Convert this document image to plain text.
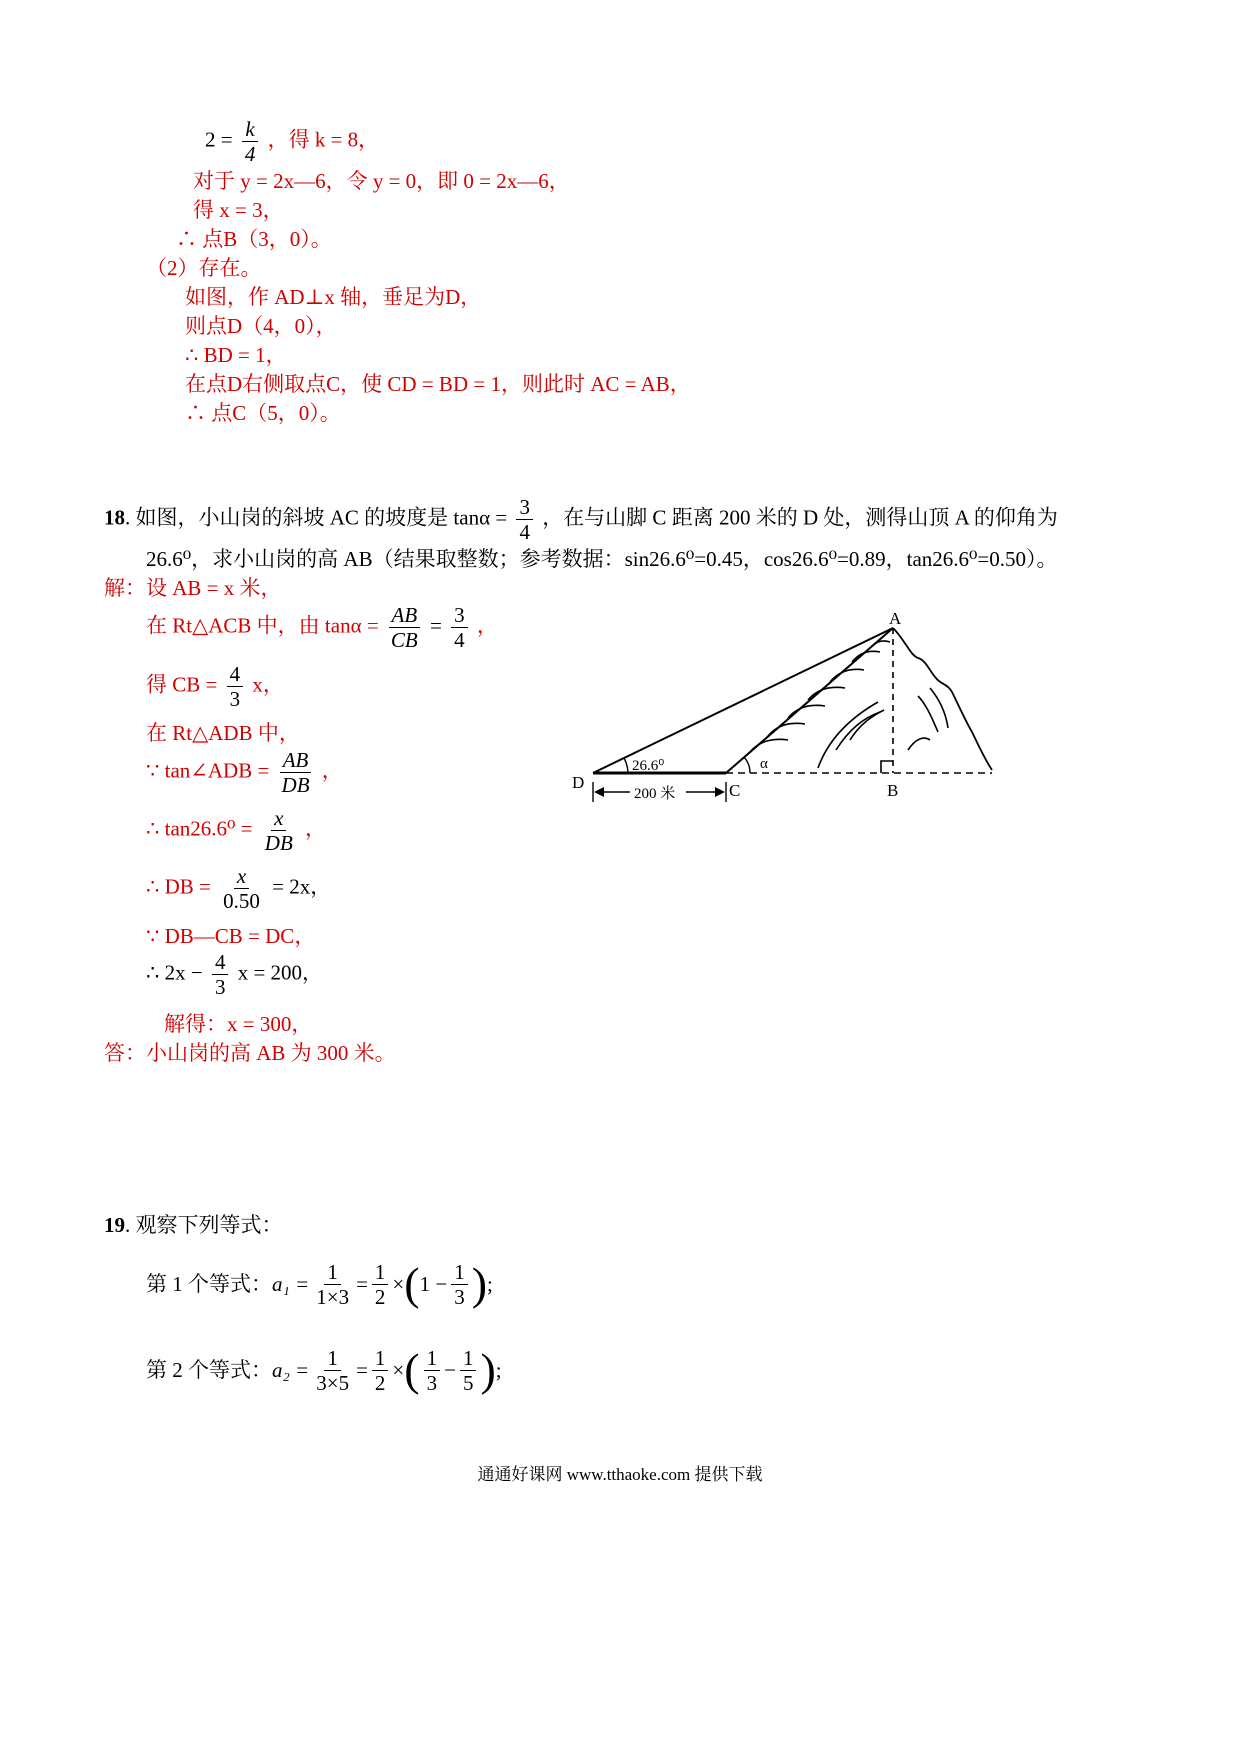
$2 = \frac{k}{4}$ ，得 k = 8，
对于 y = 2x—6，令 y = 0，即 0 = 2x—6，
得 x = 3，
∴ 点B（3，0）。
（2）存在。
如图，作 AD⊥x 轴，垂足为D，
则点D（4，0），
∴ BD = 1，
在点D右侧取点C，使 CD = BD = 1，则此时 AC = AB，
∴ 点C（5，0）。
18. 如图，小山岗的斜坡 AC 的坡度是 $\tan\alpha = \frac{3}{4}$ ，在与山脚 C 距离 200 米的 D 处，测得山顶 A 的仰角为
26.6⁰，求小山岗的高 AB（结果取整数；参考数据：sin26.6⁰=0.45，cos26.6⁰=0.89，tan26.6⁰=0.50）。
解：设 AB = x 米，
在 Rt△ACB 中，由 $\tan\alpha = \frac{AB}{CB} = \frac{3}{4}$ ，
得 CB = $\frac{4}{3}$ x，
在 Rt△ADB 中，
∵ tan∠ADB = $\frac{AB}{DB}$ ，
∴ $\tan 26.6^0 = \frac{x}{DB}$ ，
∴ DB = $\frac{x}{0.50} = 2x$，
∵ DB—CB = DC，
∴ $2x - \frac{4}{3}$ x = 200，
解得：x = 300，
答：小山岗的高 AB 为 300 米。
A
B
C
D
26.6⁰	α
200 米
19. 观察下列等式：
第 1 个等式： $a_1 = \frac{1}{1\times 3} = \frac{1}{2}$ × ( $1 - \frac{1}{3}$ ) ;
第 2 个等式： $a_2 = \frac{1}{3\times 5} = \frac{1}{2}$ × ( $\frac{1}{3} - \frac{1}{5}$ ) ;
通通好课网 www.tthaoke.com 提供下载
